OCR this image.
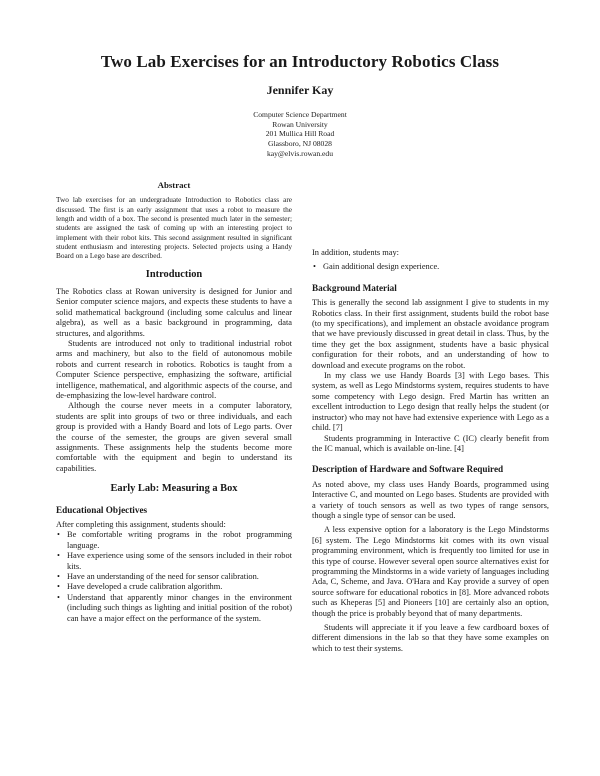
Two Lab Exercises for an Introductory Robotics Class
Jennifer Kay
Computer Science Department
Rowan University
201 Mullica Hill Road
Glassboro, NJ 08028
kay@elvis.rowan.edu
Abstract

Two lab exercises for an undergraduate Introduction to Robotics class are discussed. The first is an early assignment that uses a robot to measure the length and width of a box. The second is presented much later in the semester; students are assigned the task of coming up with an interesting project to implement with their robot kits. This second assignment resulted in significant student enthusiasm and interesting projects. Selected projects using a Handy Board on a Lego base are described.

Introduction

The Robotics class at Rowan university is designed for Junior and Senior computer science majors, and expects these students to have a solid mathematical background (including some calculus and linear algebra), as well as a basic background in programming, data structures, and algorithms.

Students are introduced not only to traditional industrial robot arms and machinery, but also to the field of autonomous mobile robots and current research in robotics. Robotics is taught from a Computer Science perspective, emphasizing the software, artificial intelligence, mathematical, and algorithmic aspects of the course, and de-emphasizing the low-level hardware control.

Although the course never meets in a computer laboratory, students are split into groups of two or three individuals, and each group is provided with a Handy Board and lots of Lego parts. Over the course of the semester, the groups are given several small assignments. These assignments help the students become more comfortable with the equipment and begin to understand its capabilities.

Early Lab: Measuring a Box
Educational Objectives

After completing this assignment, students should:

• Be comfortable writing programs in the robot programming language.
• Have experience using some of the sensors included in their robot kits.
• Have an understanding of the need for sensor calibration.
• Have developed a crude calibration algorithm.
• Understand that apparently minor changes in the environment (including such things as lighting and initial position of the robot) can have a major effect on the performance of the system.

In addition, students may:

• Gain additional design experience.
Background Material

This is generally the second lab assignment I give to students in my Robotics class. In their first assignment, students build the robot base (to my specifications), and implement an obstacle avoidance program that we have previously discussed in great detail in class. Thus, by the time they get the box assignment, students have a basic physical configuration for their robots, and an understanding of how to download and execute programs on the robot.

In my class we use Handy Boards [3] with Lego bases. This system, as well as Lego Mindstorms system, requires students to have some competency with Lego design. Fred Martin has written an excellent introduction to Lego design that really helps the student (or instructor) who may not have had extensive experience with Lego as a child. [7]

Students programming in Interactive C (IC) clearly benefit from the IC manual, which is available on-line. [4]

Description of Hardware and Software Required

As noted above, my class uses Handy Boards, programmed using Interactive C, and mounted on Lego bases. Students are provided with a variety of touch sensors as well as two types of range sensors, though a single type of sensor can be used.

A less expensive option for a laboratory is the Lego Mindstorms [6] system. The Lego Mindstorms kit comes with its own visual programming environment, which is frequently too limited for use in this type of course. However several open source alternatives exist for programming the Mindstorms in a wide variety of languages including Ada, C, Scheme, and Java. O'Hara and Kay provide a survey of open source software for educational robotics in [8]. More advanced robots such as Kheperas [5] and Pioneers [10] are certainly also an option, though the price is probably beyond that of many departments.

Students will appreciate it if you leave a few cardboard boxes of different dimensions in the lab so that they have some examples on which to test their systems.
